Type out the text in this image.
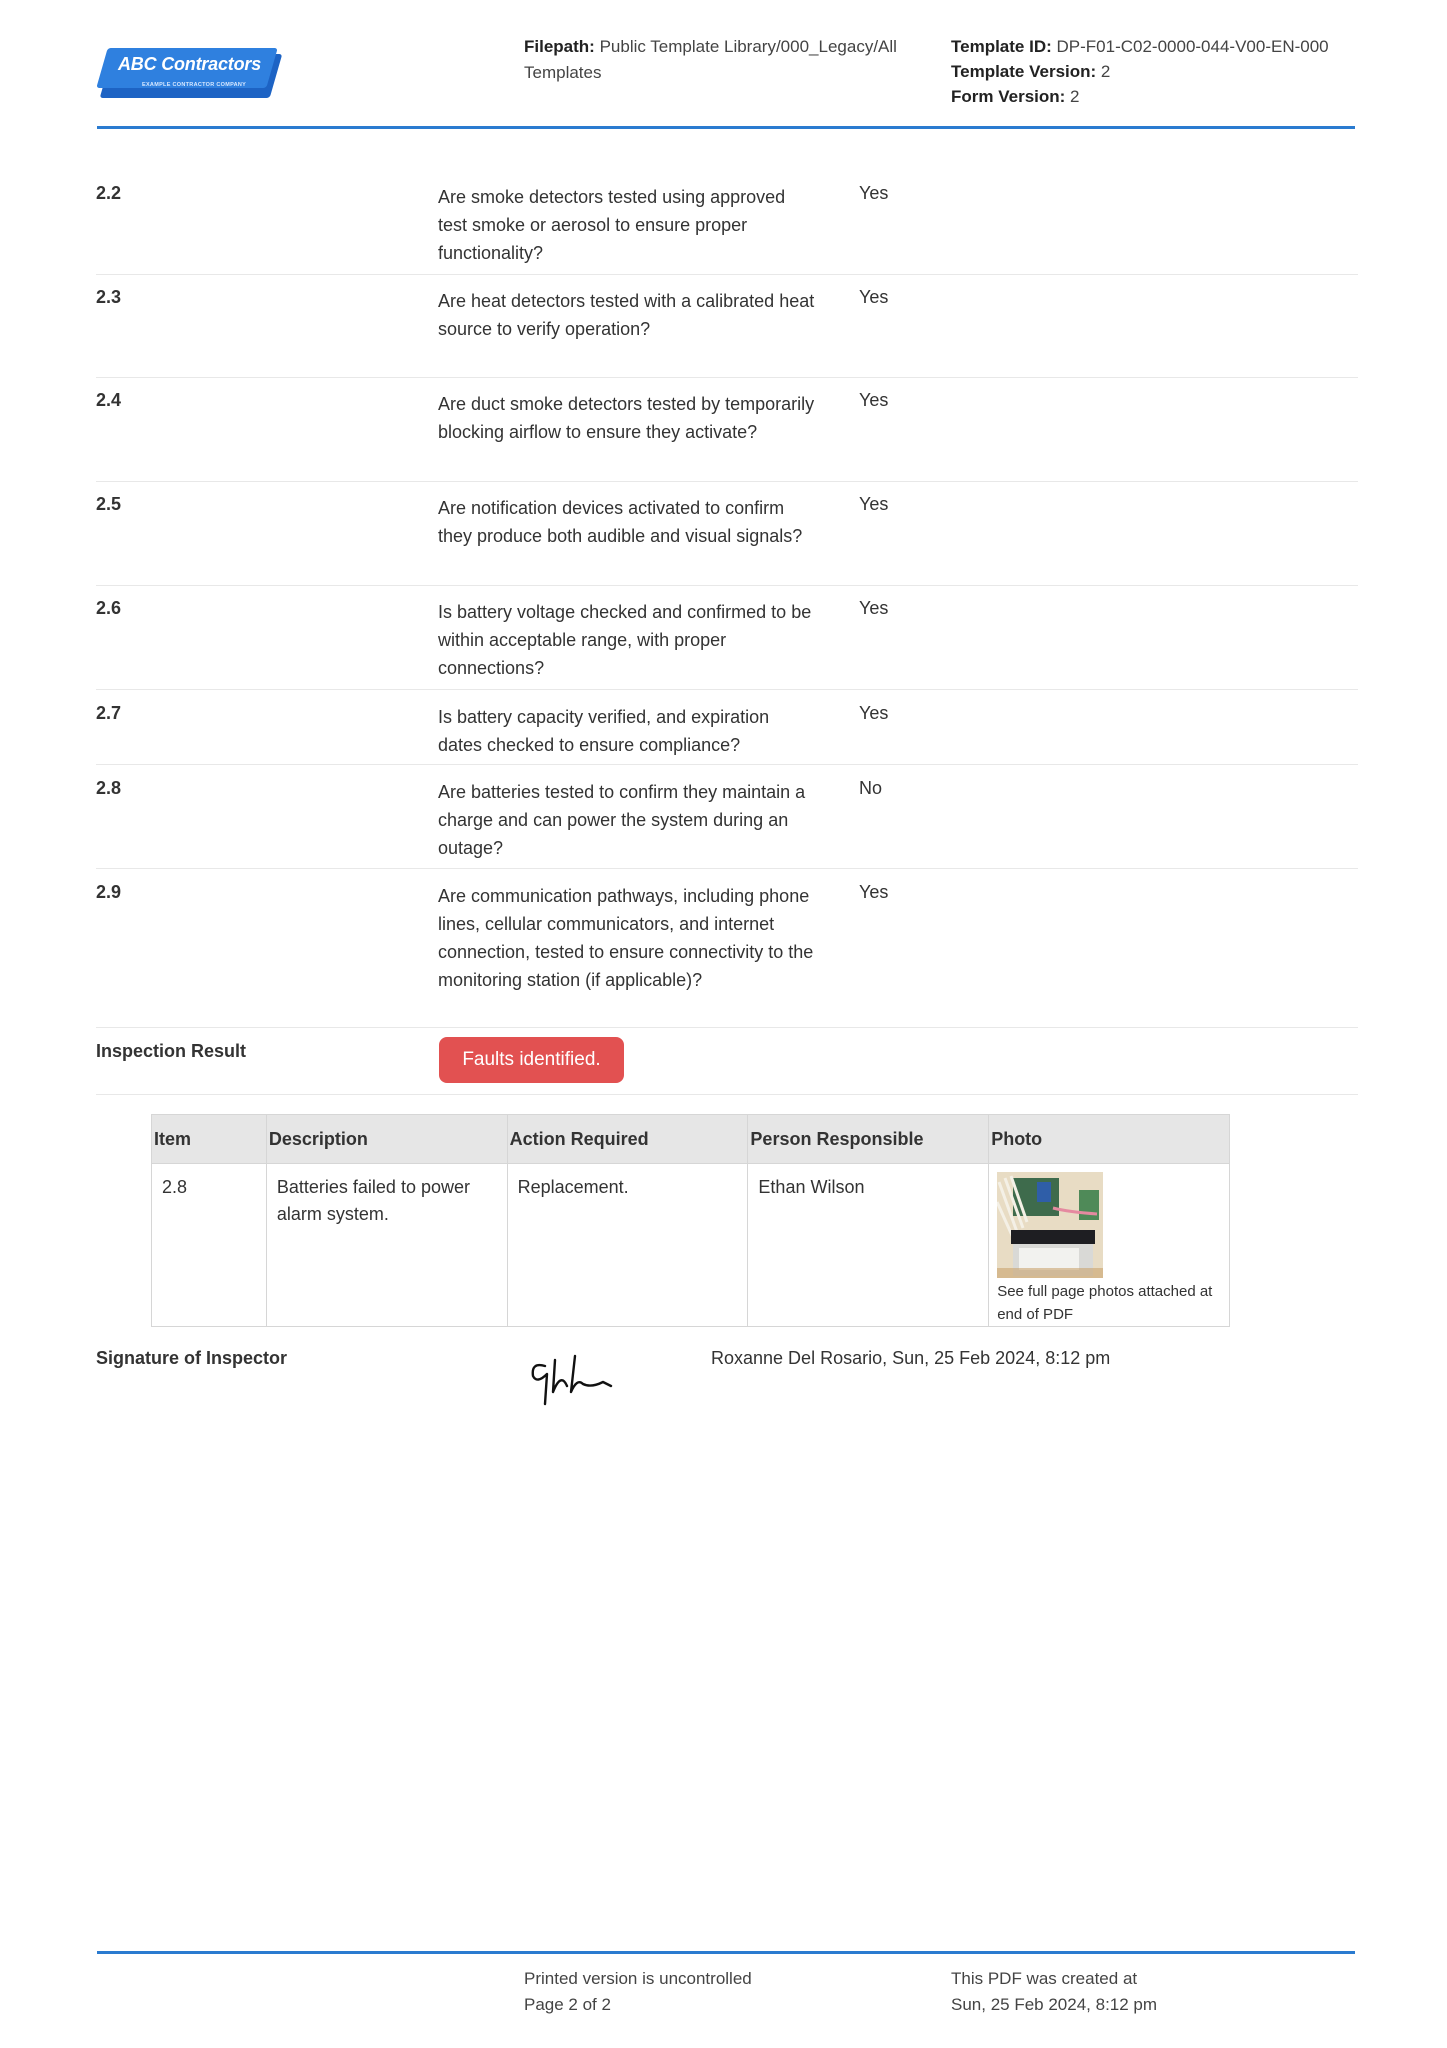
ABC Contractors
EXAMPLE CONTRACTOR COMPANY
Filepath: Public Template Library/000_Legacy/All Templates
Template ID: DP-F01-C02-0000-044-V00-EN-000
Template Version: 2
Form Version: 2
2.2	Are smoke detectors tested using approved test smoke or aerosol to ensure proper functionality?
Yes
2.3	Are heat detectors tested with a calibrated heat source to verify operation?
Yes
2.4	Are duct smoke detectors tested by temporarily blocking airflow to ensure they activate?
Yes
2.5	Are notification devices activated to confirm they produce both audible and visual signals?
Yes
2.6	Is battery voltage checked and confirmed to be within acceptable range, with proper connections?
Yes
2.7	Is battery capacity verified, and expiration dates checked to ensure compliance?
Yes
2.8	Are batteries tested to confirm they maintain a charge and can power the system during an outage?
No
2.9	Are communication pathways, including phone lines, cellular communicators, and internet connection, tested to ensure connectivity to the monitoring station (if applicable)?
Yes
Inspection Result	Faults identified.
Item	Description	Action Required	Person Responsible	Photo
2.8	Batteries failed to power alarm system.	Replacement.	Ethan Wilson	See full page photos attached at end of PDF
Signature of Inspector	Roxanne Del Rosario, Sun, 25 Feb 2024, 8:12 pm
Printed version is uncontrolled
Page 2 of 2
This PDF was created at
Sun, 25 Feb 2024, 8:12 pm
